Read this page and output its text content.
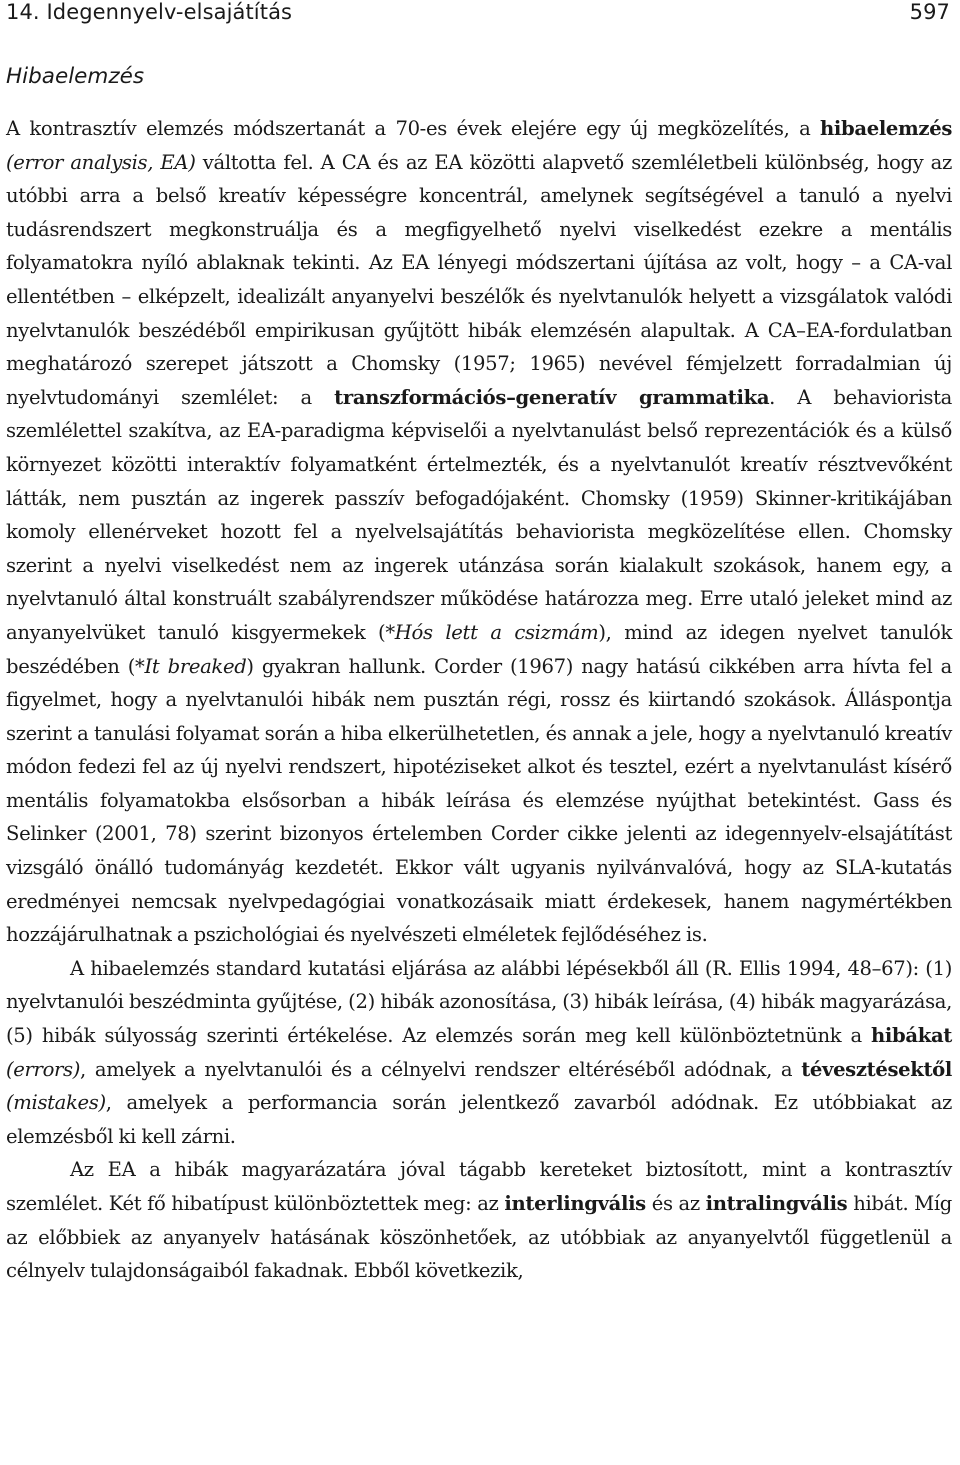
14. Idegennyelv-elsajátítás	597
Hibaelemzés

A kontrasztív elemzés módszertanát a 70-es évek elejére egy új megközelítés, a hibaelemzés (error analysis, EA) váltotta fel. A CA és az EA közötti alapvető szemléletbeli különbség, hogy az utóbbi arra a belső kreatív képességre koncentrál, amelynek segítségével a tanuló a nyelvi tudásrendszert megkonstruálja és a megfigyelhető nyelvi viselkedést ezekre a mentális folyamatokra nyíló ablaknak tekinti. Az EA lényegi módszertani újítása az volt, hogy – a CA-val ellentétben – elképzelt, idealizált anyanyelvi beszélők és nyelvtanulók helyett a vizsgálatok valódi nyelvtanulók beszédéből empirikusan gyűjtött hibák elemzésén alapultak. A CA–EA-fordulatban meghatározó szerepet játszott a Chomsky (1957; 1965) nevével fémjelzett forradalmian új nyelvtudományi szemlélet: a transzformációs–generatív grammatika. A behaviorista szemlélettel szakítva, az EA-paradigma képviselői a nyelvtanulást belső reprezentációk és a külső környezet közötti interaktív folyamatként értelmezték, és a nyelvtanulót kreatív résztvevőként látták, nem pusztán az ingerek passzív befogadójaként. Chomsky (1959) Skinner-kritikájában komoly ellenérveket hozott fel a nyelvelsajátítás behaviorista megközelítése ellen. Chomsky szerint a nyelvi viselkedést nem az ingerek utánzása során kialakult szokások, hanem egy, a nyelvtanuló által konstruált szabályrendszer működése határozza meg. Erre utaló jeleket mind az anyanyelvüket tanuló kisgyermekek (*Hós lett a csizmám), mind az idegen nyelvet tanulók beszédében (*It breaked) gyakran hallunk. Corder (1967) nagy hatású cikkében arra hívta fel a figyelmet, hogy a nyelvtanulói hibák nem pusztán régi, rossz és kiirtandó szokások. Álláspontja szerint a tanulási folyamat során a hiba elkerülhetetlen, és annak a jele, hogy a nyelvtanuló kreatív módon fedezi fel az új nyelvi rendszert, hipotéziseket alkot és tesztel, ezért a nyelvtanulást kísérő mentális folyamatokba elsősorban a hibák leírása és elemzése nyújthat betekintést. Gass és Selinker (2001, 78) szerint bizonyos értelemben Corder cikke jelenti az idegennyelv-elsajátítást vizsgáló önálló tudományág kezdetét. Ekkor vált ugyanis nyilvánvalóvá, hogy az SLA-kutatás eredményei nemcsak nyelvpedagógiai vonatkozásaik miatt érdekesek, hanem nagymértékben hozzájárulhatnak a pszichológiai és nyelvészeti elméletek fejlődéséhez is.

A hibaelemzés standard kutatási eljárása az alábbi lépésekből áll (R. Ellis 1994, 48–67): (1) nyelvtanulói beszédminta gyűjtése, (2) hibák azonosítása, (3) hibák leírása, (4) hibák magyarázása, (5) hibák súlyosság szerinti értékelése. Az elemzés során meg kell különböztetnünk a hibákat (errors), amelyek a nyelvtanulói és a célnyelvi rendszer eltéréséből adódnak, a tévesztésektől (mistakes), amelyek a performancia során jelentkező zavarból adódnak. Ez utóbbiakat az elemzésből ki kell zárni.

Az EA a hibák magyarázatára jóval tágabb kereteket biztosított, mint a kontrasztív szemlélet. Két fő hibatípust különböztettek meg: az interlingvális és az intralingvális hibát. Míg az előbbiek az anyanyelv hatásának köszönhetőek, az utóbbiak az anyanyelvtől függetlenül a célnyelv tulajdonságaiból fakadnak. Ebből következik,
